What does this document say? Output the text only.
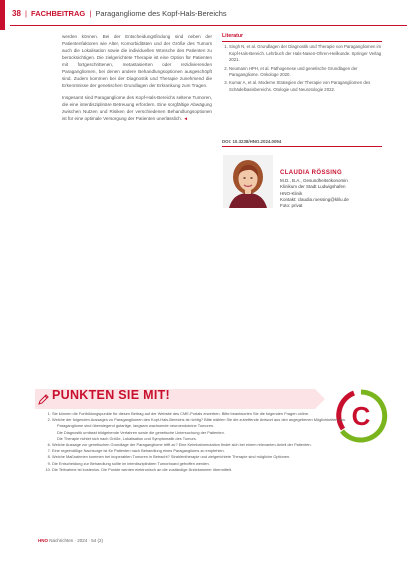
38 | FACHBEITRAG | Paragangliome des Kopf-Hals-Bereichs

werden können. Bei der Entscheidungsfindung sind neben der Patientenfaktoren wie Alter, Komorbiditäten und der Größe des Tumors auch die Lokalisation sowie die individuellen Wünsche des Patienten zu berücksichtigen. Die zielgerichtete Therapie ist eine Option für Patienten mit fortgeschrittenen, metastasierten oder rezidivierenden Paragangliomen, bei denen andere Behandlungsoptionen ausgeschöpft sind. Zudem kommen bei der Diagnostik und Therapie zunehmend die Erkenntnisse der genetischen Grundlagen der Erkrankung zum Tragen.

Insgesamt sind Paragangliome des Kopf-Hals-Bereichs seltene Tumoren, die eine interdisziplinäre Betreuung erfordern. Eine sorgfältige Abwägung zwischen Nutzen und Risiken der verschiedenen Behandlungsoptionen ist für eine optimale Versorgung der Patienten unerlässlich. ◄

Literatur
1. Singh N, et al. Grundlagen der Diagnostik und Therapie von Paragangliomen im Kopf-Hals-Bereich. Lehrbuch der Hals-Nasen-Ohren-Heilkunde. Springer Verlag 2021.
2. Neumann HPH, et al. Pathogenese und genetische Grundlagen der Paragangliome. Onkologe 2020.
3. Kumar A, et al. Moderne Strategien der Therapie von Paragangliomen des Schädelbasisbereichs. Otologie und Neurotologie 2022.
DOI: 10.3238/HNO.2024.0094
CLAUDIA RÖSSING
M.D., B.A., Gesundheitsökonomin
Klinikum der Stadt Ludwigshafen
HNO-Klinik
Kontakt: claudia.roessing@klilu.de
Foto: privat
PUNKTEN SIE MIT!
C
1. Sie können die Fortbildungspunkte für diesen Beitrag auf der Website des CME-Portals erwerben. Bitte beantworten Sie die folgenden Fragen online.
2. Welche der folgenden Aussagen zu Paragangliomen des Kopf-Hals-Bereichs ist richtig? Bitte wählen Sie die zutreffende Antwort aus den angegebenen Möglichkeiten aus.
Paragangliome sind überwiegend gutartige, langsam wachsende neuroendokrine Tumoren.
Die Diagnostik umfasst bildgebende Verfahren sowie die genetische Untersuchung der Patienten.
Die Therapie richtet sich nach Größe, Lokalisation und Symptomatik des Tumors.
6. Welche Aussage zur genetischen Grundlage der Paragangliome trifft zu? Eine Keimbahnmutation findet sich bei einem relevanten Anteil der Patienten.
7. Eine regelmäßige Nachsorge ist für Patienten nach Behandlung eines Paraganglioms zu empfehlen.
8. Welche Maßnahmen kommen bei inoperablen Tumoren in Betracht? Strahlentherapie und zielgerichtete Therapie sind mögliche Optionen.
9. Die Entscheidung zur Behandlung sollte im interdisziplinären Tumorboard getroffen werden.
10. Die Teilnahme ist kostenlos. Die Punkte werden elektronisch an die zuständige Ärztekammer übermittelt.
HNO Nachrichten · 2024 · 54 (2)
